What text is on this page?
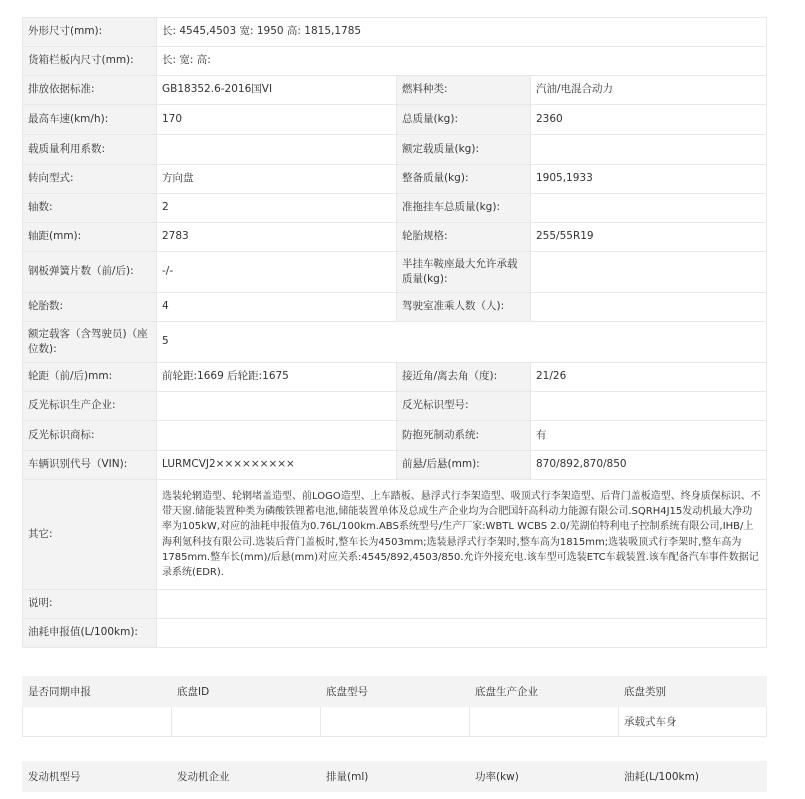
外形尺寸(mm):	长: 4545,4503 宽: 1950 高: 1815,1785		
货箱栏板内尺寸(mm):	长: 宽: 高:		
排放依据标准:	GB18352.6-2016国VI	燃料种类:	汽油/电混合动力
最高车速(km/h):	170	总质量(kg):	2360
载质量利用系数:		额定载质量(kg):	
转向型式:	方向盘	整备质量(kg):	1905,1933
轴数:	2	准拖挂车总质量(kg):	
轴距(mm):	2783	轮胎规格:	255/55R19
钢板弹簧片数（前/后):	-/-	半挂车鞍座最大允许承载质量(kg):	
轮胎数:	4	驾驶室准乘人数（人):	
额定载客（含驾驶员)（座位数):	5		
轮距（前/后)mm:	前轮距:1669 后轮距:1675	接近角/离去角（度):	21/26
反光标识生产企业:		反光标识型号:	
反光标识商标:		防抱死制动系统:	有
车辆识别代号（VIN):	LURMCVJ2×××××××××	前悬/后悬(mm):	870/892,870/850
其它:	选装轮辋造型、轮辋堵盖造型、前LOGO造型、上车踏板、悬浮式行李架造型、吸顶式行李架造型、后背门盖板造型、终身质保标识、不带天窗.储能装置种类为磷酸铁锂蓄电池,储能装置单体及总成生产企业均为合肥国轩高科动力能源有限公司.SQRH4J15发动机最大净功率为105kW,对应的油耗申报值为0.76L/100km.ABS系统型号/生产厂家:WBTL WCBS 2.0/芜湖伯特利电子控制系统有限公司,IHB/上海利氪科技有限公司.选装后背门盖板时,整车长为4503mm;选装悬浮式行李架时,整车高为1815mm;选装吸顶式行李架时,整车高为1785mm.整车长(mm)/后悬(mm)对应关系:4545/892,4503/850.允许外接充电.该车型可选装ETC车载装置.该车配备汽车事件数据记录系统(EDR).		
说明:			
油耗申报值(L/100km):			
是否同期申报	底盘ID	底盘型号	底盘生产企业	底盘类别
				承载式车身
发动机型号	发动机企业	排量(ml)	功率(kw)	油耗(L/100km)
